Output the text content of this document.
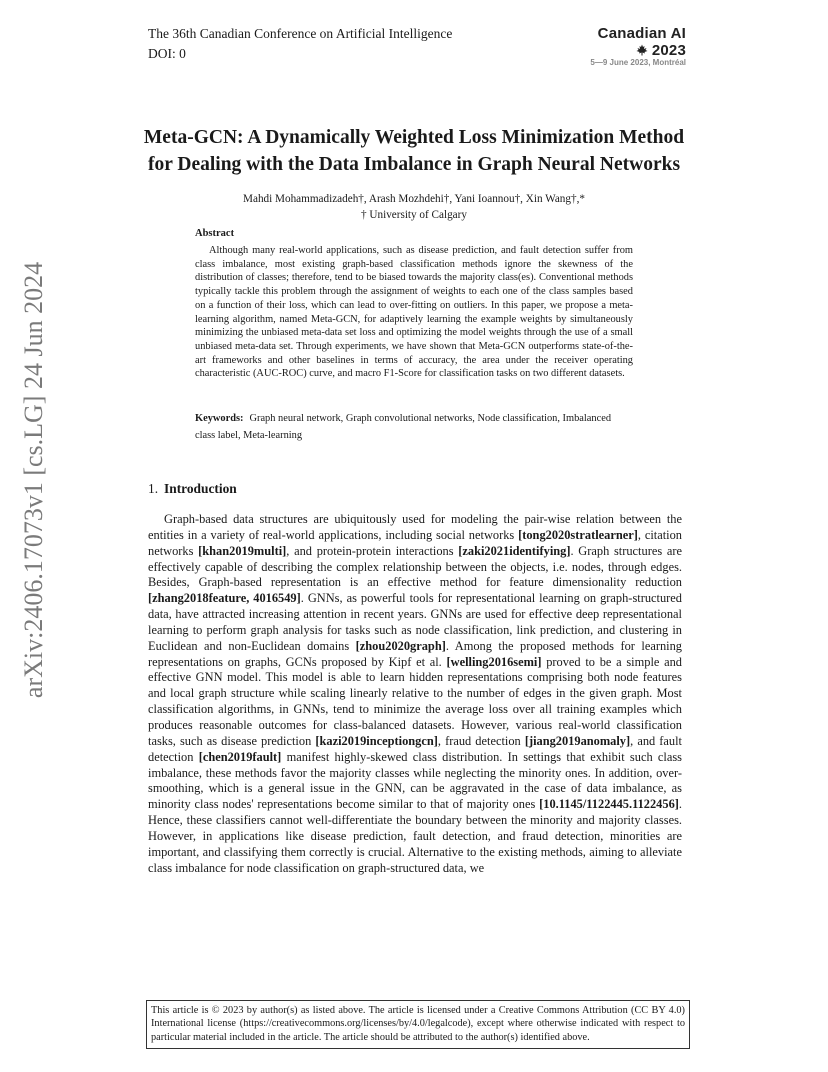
arXiv:2406.17073v1 [cs.LG] 24 Jun 2024
The 36th Canadian Conference on Artificial Intelligence
DOI: 0
Canadian AI  2023
5—9 June 2023, Montréal
Meta-GCN: A Dynamically Weighted Loss Minimization Method
for Dealing with the Data Imbalance in Graph Neural Networks
Mahdi Mohammadizadeh†, Arash Mozhdehi†, Yani Ioannou†, Xin Wang†,*
† University of Calgary
Abstract
Although many real-world applications, such as disease prediction, and fault detection suffer from class imbalance, most existing graph-based classification methods ignore the skewness of the distribution of classes; therefore, tend to be biased towards the majority class(es). Conventional methods typically tackle this problem through the assignment of weights to each one of the class samples based on a function of their loss, which can lead to over-fitting on outliers. In this paper, we propose a meta-learning algorithm, named Meta-GCN, for adaptively learning the example weights by simultaneously minimizing the unbiased meta-data set loss and optimizing the model weights through the use of a small unbiased meta-data set. Through experiments, we have shown that Meta-GCN outperforms state-of-the-art frameworks and other baselines in terms of accuracy, the area under the receiver operating characteristic (AUC-ROC) curve, and macro F1-Score for classification tasks on two different datasets.
Keywords: Graph neural network, Graph convolutional networks, Node classification, Imbalanced class label, Meta-learning
1. Introduction
Graph-based data structures are ubiquitously used for modeling the pair-wise relation between the entities in a variety of real-world applications, including social networks [tong2020stratlearner], citation networks [khan2019multi], and protein-protein interactions [zaki2021identifying]. Graph structures are effectively capable of describing the complex relationship between the objects, i.e. nodes, through edges. Besides, Graph-based representation is an effective method for feature dimensionality reduction [zhang2018feature, 4016549]. GNNs, as powerful tools for representational learning on graph-structured data, have attracted increasing attention in recent years. GNNs are used for effective deep representational learning to perform graph analysis for tasks such as node classification, link prediction, and clustering in Euclidean and non-Euclidean domains [zhou2020graph]. Among the proposed methods for learning representations on graphs, GCNs proposed by Kipf et al. [welling2016semi] proved to be a simple and effective GNN model. This model is able to learn hidden representations comprising both node features and local graph structure while scaling linearly relative to the number of edges in the given graph. Most classification algorithms, in GNNs, tend to minimize the average loss over all training examples which produces reasonable outcomes for class-balanced datasets. However, various real-world classification tasks, such as disease prediction [kazi2019inceptiongcn], fraud detection [jiang2019anomaly], and fault detection [chen2019fault] manifest highly-skewed class distribution. In settings that exhibit such class imbalance, these methods favor the majority classes while neglecting the minority ones. In addition, over-smoothing, which is a general issue in the GNN, can be aggravated in the case of data imbalance, as minority class nodes' representations become similar to that of majority ones [10.1145/1122445.1122456]. Hence, these classifiers cannot well-differentiate the boundary between the minority and majority classes. However, in applications like disease prediction, fault detection, and fraud detection, minorities are important, and classifying them correctly is crucial. Alternative to the existing methods, aiming to alleviate class imbalance for node classification on graph-structured data, we
This article is © 2023 by author(s) as listed above. The article is licensed under a Creative Commons Attribution (CC BY 4.0) International license (https://creativecommons.org/licenses/by/4.0/legalcode), except where otherwise indicated with respect to particular material included in the article. The article should be attributed to the author(s) identified above.
